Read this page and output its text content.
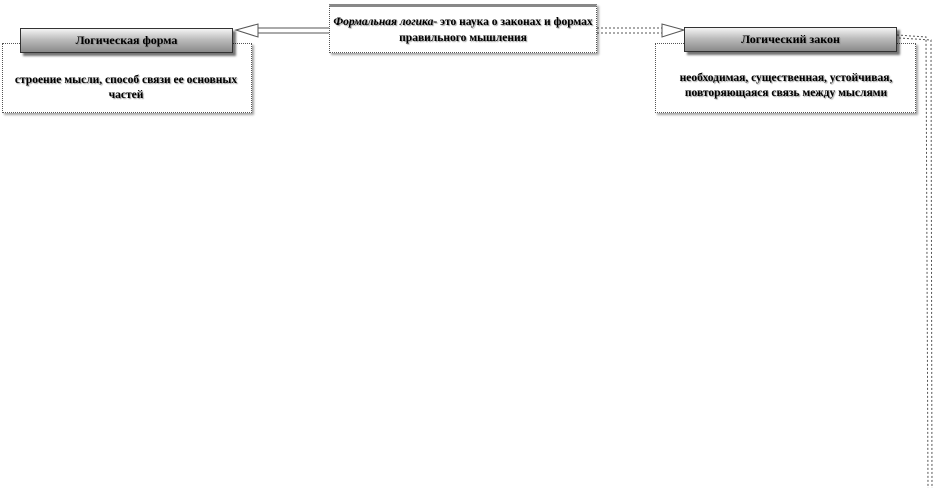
Формальная логика- это наука о законах и формах правильного мышления
Логическая форма
строение мысли, способ связи ее основных частей
Логический закон
необходимая, существенная, устойчивая, повторяющаяся связь между мыслями
